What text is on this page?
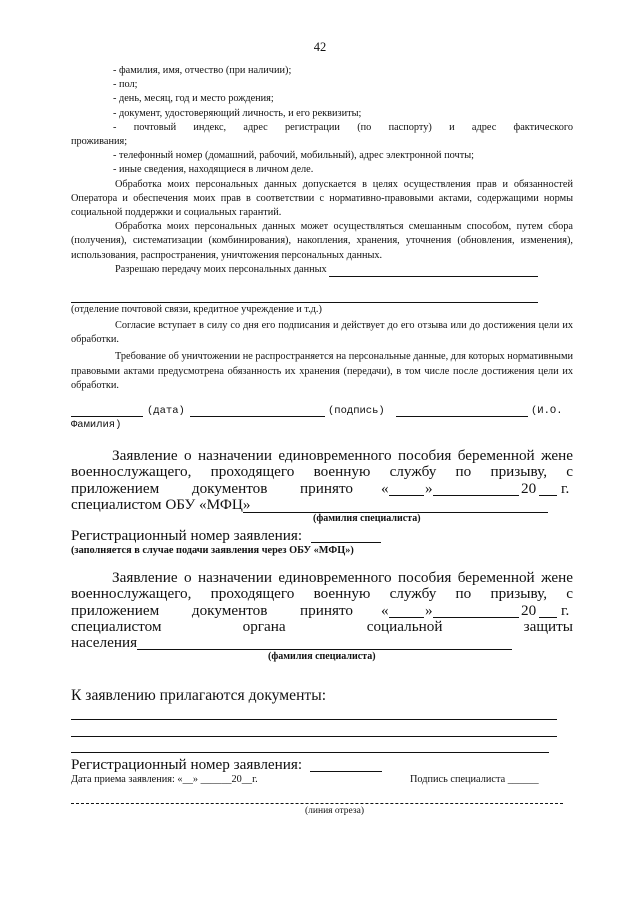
42

- фамилия, имя, отчество (при наличии);

- пол;

- день, месяц, год и место рождения;

- документ, удостоверяющий личность, и его реквизиты;

- почтовый индекс, адрес регистрации (по паспорту) и адрес фактического

проживания;

- телефонный номер (домашний, рабочий, мобильный), адрес электронной почты;

- иные сведения, находящиеся в личном деле.

Обработка моих персональных данных допускается в целях осуществления прав и обязанностей Оператора и обеспечения моих прав в соответствии с нормативно-правовыми актами, содержащими нормы социальной поддержки и социальных гарантий.

Обработка моих персональных данных может осуществляться смешанным способом, путем сбора (получения), систематизации (комбинирования), накопления, хранения, уточнения (обновления, изменения), использования, распространения, уничтожения персональных данных.

Разрешаю передачу моих персональных данных
(отделение почтовой связи, кредитное учреждение и т.д.)

Согласие вступает в силу со дня его подписания и действует до его отзыва или до достижения цели их обработки.

Требование об уничтожении не распространяется на персональные данные, для которых нормативными правовыми актами предусмотрена обязанность их хранения (передачи), в том числе после достижения цели их обработки.

(дата)	(подпись)	(И.О.
Фамилия)
Заявление о назначении единовременного пособия беременной жене
военнослужащего, проходящего военную службу по призыву, с
приложением документов принято « »	20 г.
специалистом ОБУ «МФЦ»
(фамилия специалиста)
Регистрационный номер заявления:
(заполняется в случае подачи заявления через ОБУ «МФЦ»)
Заявление о назначении единовременного пособия беременной жене
военнослужащего, проходящего военную службу по призыву, с
приложением документов принято « »	20 г.
специалистом органа социальной защиты
населения
(фамилия специалиста)
К заявлению прилагаются документы:
Регистрационный номер заявления:
Дата приема заявления: «__» ______20__г.	Подпись специалиста ______
(линия отреза)
